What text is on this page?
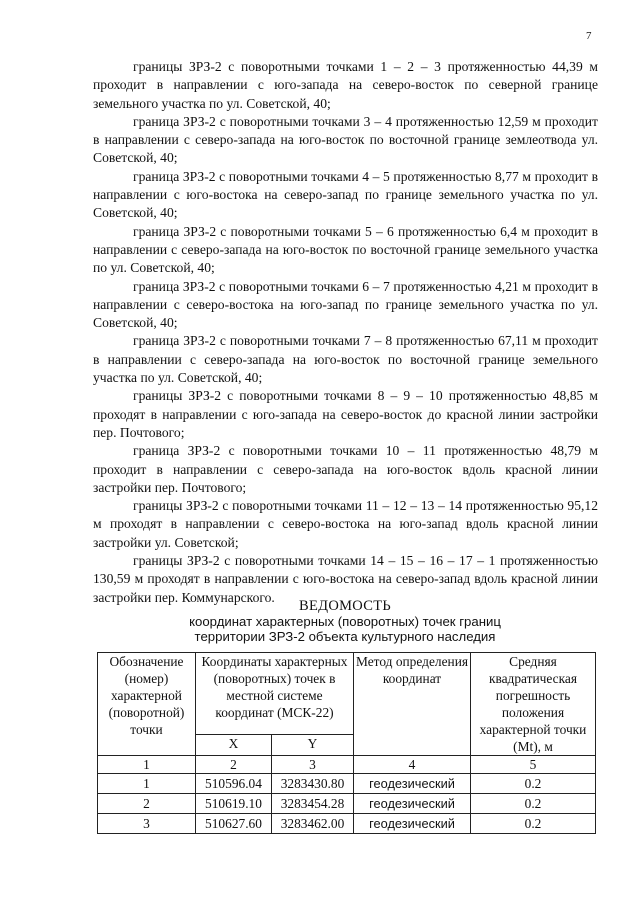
7

границы ЗРЗ-2 с поворотными точками 1 – 2 – 3 протяженностью 44,39 м проходит в направлении с юго-запада на северо-восток по северной границе земельного участка по ул. Советской, 40;

граница ЗРЗ-2 с поворотными точками 3 – 4 протяженностью 12,59 м проходит в направлении с северо-запада на юго-восток по восточной границе землеотвода ул. Советской, 40;

граница ЗРЗ-2 с поворотными точками 4 – 5 протяженностью 8,77 м проходит в направлении с юго-востока на северо-запад по границе земельного участка по ул. Советской, 40;

граница ЗРЗ-2 с поворотными точками 5 – 6 протяженностью 6,4 м проходит в направлении с северо-запада на юго-восток по восточной границе земельного участка по ул. Советской, 40;

граница ЗРЗ-2 с поворотными точками 6 – 7 протяженностью 4,21 м проходит в направлении с северо-востока на юго-запад по границе земельного участка по ул. Советской, 40;

граница ЗРЗ-2 с поворотными точками 7 – 8 протяженностью 67,11 м проходит в направлении с северо-запада на юго-восток по восточной границе земельного участка по ул. Советской, 40;

границы ЗРЗ-2 с поворотными точками 8 – 9 – 10 протяженностью 48,85 м проходят в направлении с юго-запада на северо-восток до красной линии застройки пер. Почтового;

граница ЗРЗ-2 с поворотными точками 10 – 11 протяженностью 48,79 м проходит в направлении с северо-запада на юго-восток вдоль красной линии застройки пер. Почтового;

границы ЗРЗ-2 с поворотными точками 11 – 12 – 13 – 14 протяженностью 95,12 м проходят в направлении с северо-востока на юго-запад вдоль красной линии застройки ул. Советской;

границы ЗРЗ-2 с поворотными точками 14 – 15 – 16 – 17 – 1 протяженностью 130,59 м проходят в направлении с юго-востока на северо-запад вдоль красной линии застройки пер. Коммунарского.

ВЕДОМОСТЬ
координат характерных (поворотных) точек границ
территории ЗРЗ-2 объекта культурного наследия
Обозначение (номер) характерной (поворотной) точки	Координаты характерных (поворотных) точек в местной системе координат (МСК-22)		Метод определения координат	Средняя квадратическая погрешность положения характерной точки (Mt), м
	X	Y		
1	2	3	4	5
1	510596.04	3283430.80	геодезический	0.2
2	510619.10	3283454.28	геодезический	0.2
3	510627.60	3283462.00	геодезический	0.2
